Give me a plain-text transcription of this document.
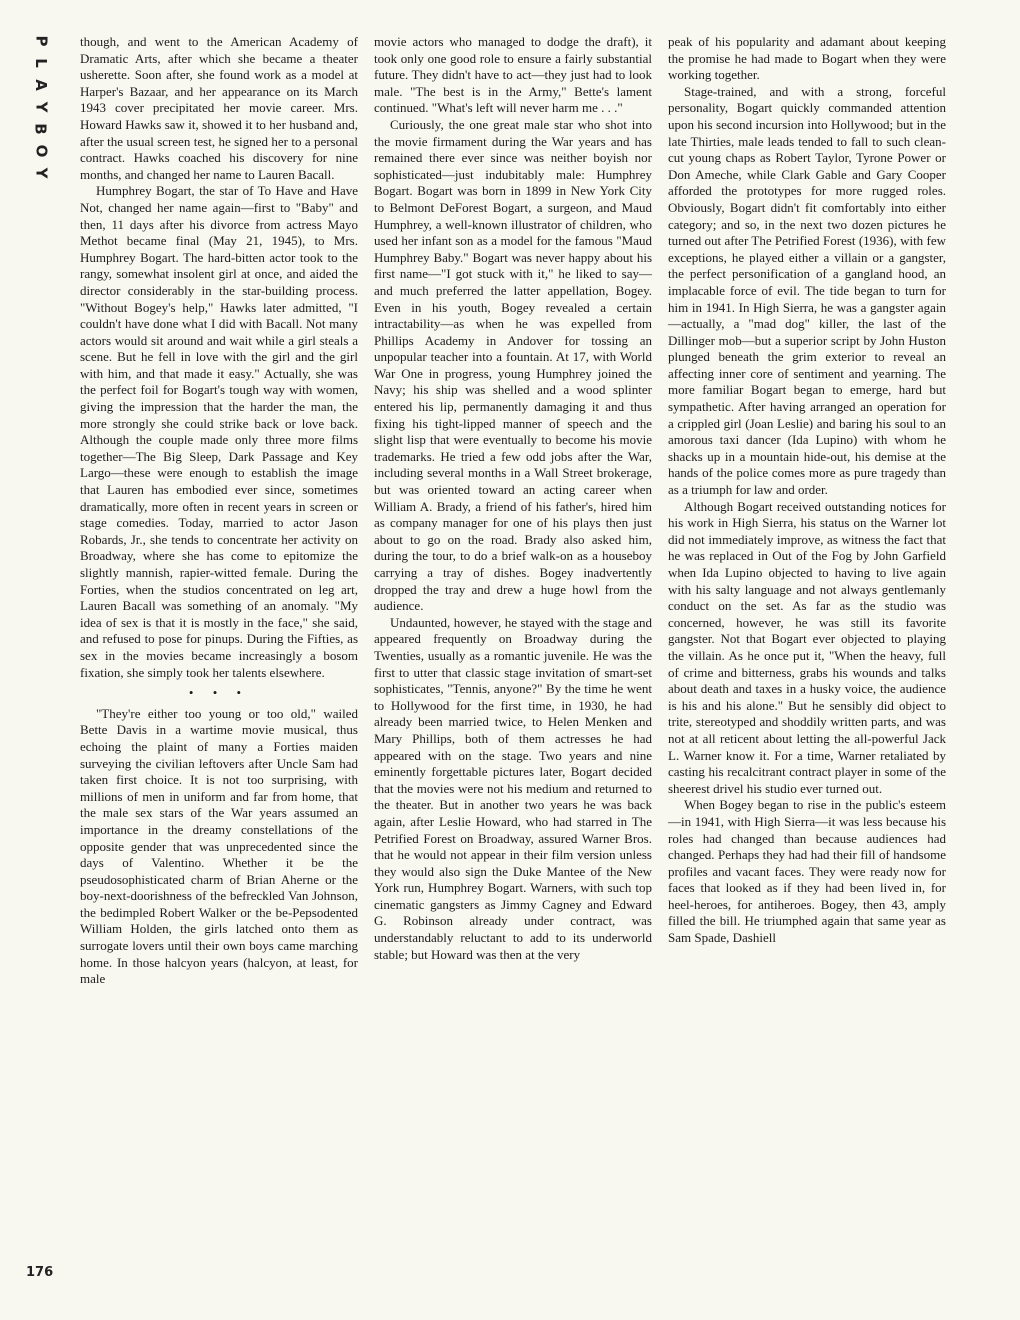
P
L
A
Y
B
O
Y
176

though, and went to the American Academy of Dramatic Arts, after which she became a theater usherette. Soon after, she found work as a model at Harper's Bazaar, and her appearance on its March 1943 cover precipitated her movie career. Mrs. Howard Hawks saw it, showed it to her husband and, after the usual screen test, he signed her to a personal contract. Hawks coached his discovery for nine months, and changed her name to Lauren Bacall.

Humphrey Bogart, the star of To Have and Have Not, changed her name again—first to "Baby" and then, 11 days after his divorce from actress Mayo Methot became final (May 21, 1945), to Mrs. Humphrey Bogart. The hard-bitten actor took to the rangy, somewhat insolent girl at once, and aided the director considerably in the star-building process. "Without Bogey's help," Hawks later admitted, "I couldn't have done what I did with Bacall. Not many actors would sit around and wait while a girl steals a scene. But he fell in love with the girl and the girl with him, and that made it easy." Actually, she was the perfect foil for Bogart's tough way with women, giving the impression that the harder the man, the more strongly she could strike back or love back. Although the couple made only three more films together—The Big Sleep, Dark Passage and Key Largo—these were enough to establish the image that Lauren has embodied ever since, sometimes dramatically, more often in recent years in screen or stage comedies. Today, married to actor Jason Robards, Jr., she tends to concentrate her activity on Broadway, where she has come to epitomize the slightly mannish, rapier-witted female. During the Forties, when the studios concentrated on leg art, Lauren Bacall was something of an anomaly. "My idea of sex is that it is mostly in the face," she said, and refused to pose for pinups. During the Fifties, as sex in the movies became increasingly a bosom fixation, she simply took her talents elsewhere.

• • •

"They're either too young or too old," wailed Bette Davis in a wartime movie musical, thus echoing the plaint of many a Forties maiden surveying the civilian leftovers after Uncle Sam had taken first choice. It is not too surprising, with millions of men in uniform and far from home, that the male sex stars of the War years assumed an importance in the dreamy constellations of the opposite gender that was unprecedented since the days of Valentino. Whether it be the pseudosophisticated charm of Brian Aherne or the boy-next-doorishness of the befreckled Van Johnson, the bedimpled Robert Walker or the be-Pepsodented William Holden, the girls latched onto them as surrogate lovers until their own boys came marching home. In those halcyon years (halcyon, at least, for male

movie actors who managed to dodge the draft), it took only one good role to ensure a fairly substantial future. They didn't have to act—they just had to look male. "The best is in the Army," Bette's lament continued. "What's left will never harm me . . ."

Curiously, the one great male star who shot into the movie firmament during the War years and has remained there ever since was neither boyish nor sophisticated—just indubitably male: Humphrey Bogart. Bogart was born in 1899 in New York City to Belmont DeForest Bogart, a surgeon, and Maud Humphrey, a well-known illustrator of children, who used her infant son as a model for the famous "Maud Humphrey Baby." Bogart was never happy about his first name—"I got stuck with it," he liked to say—and much preferred the latter appellation, Bogey. Even in his youth, Bogey revealed a certain intractability—as when he was expelled from Phillips Academy in Andover for tossing an unpopular teacher into a fountain. At 17, with World War One in progress, young Humphrey joined the Navy; his ship was shelled and a wood splinter entered his lip, permanently damaging it and thus fixing his tight-lipped manner of speech and the slight lisp that were eventually to become his movie trademarks. He tried a few odd jobs after the War, including several months in a Wall Street brokerage, but was oriented toward an acting career when William A. Brady, a friend of his father's, hired him as company manager for one of his plays then just about to go on the road. Brady also asked him, during the tour, to do a brief walk-on as a houseboy carrying a tray of dishes. Bogey inadvertently dropped the tray and drew a huge howl from the audience.

Undaunted, however, he stayed with the stage and appeared frequently on Broadway during the Twenties, usually as a romantic juvenile. He was the first to utter that classic stage invitation of smart-set sophisticates, "Tennis, anyone?" By the time he went to Hollywood for the first time, in 1930, he had already been married twice, to Helen Menken and Mary Phillips, both of them actresses he had appeared with on the stage. Two years and nine eminently forgettable pictures later, Bogart decided that the movies were not his medium and returned to the theater. But in another two years he was back again, after Leslie Howard, who had starred in The Petrified Forest on Broadway, assured Warner Bros. that he would not appear in their film version unless they would also sign the Duke Mantee of the New York run, Humphrey Bogart. Warners, with such top cinematic gangsters as Jimmy Cagney and Edward G. Robinson already under contract, was understandably reluctant to add to its underworld stable; but Howard was then at the very

peak of his popularity and adamant about keeping the promise he had made to Bogart when they were working together.

Stage-trained, and with a strong, forceful personality, Bogart quickly commanded attention upon his second incursion into Hollywood; but in the late Thirties, male leads tended to fall to such clean-cut young chaps as Robert Taylor, Tyrone Power or Don Ameche, while Clark Gable and Gary Cooper afforded the prototypes for more rugged roles. Obviously, Bogart didn't fit comfortably into either category; and so, in the next two dozen pictures he turned out after The Petrified Forest (1936), with few exceptions, he played either a villain or a gangster, the perfect personification of a gangland hood, an implacable force of evil. The tide began to turn for him in 1941. In High Sierra, he was a gangster again—actually, a "mad dog" killer, the last of the Dillinger mob—but a superior script by John Huston plunged beneath the grim exterior to reveal an affecting inner core of sentiment and yearning. The more familiar Bogart began to emerge, hard but sympathetic. After having arranged an operation for a crippled girl (Joan Leslie) and baring his soul to an amorous taxi dancer (Ida Lupino) with whom he shacks up in a mountain hide-out, his demise at the hands of the police comes more as pure tragedy than as a triumph for law and order.

Although Bogart received outstanding notices for his work in High Sierra, his status on the Warner lot did not immediately improve, as witness the fact that he was replaced in Out of the Fog by John Garfield when Ida Lupino objected to having to live again with his salty language and not always gentlemanly conduct on the set. As far as the studio was concerned, however, he was still its favorite gangster. Not that Bogart ever objected to playing the villain. As he once put it, "When the heavy, full of crime and bitterness, grabs his wounds and talks about death and taxes in a husky voice, the audience is his and his alone." But he sensibly did object to trite, stereotyped and shoddily written parts, and was not at all reticent about letting the all-powerful Jack L. Warner know it. For a time, Warner retaliated by casting his recalcitrant contract player in some of the sheerest drivel his studio ever turned out.

When Bogey began to rise in the public's esteem—in 1941, with High Sierra—it was less because his roles had changed than because audiences had changed. Perhaps they had had their fill of handsome profiles and vacant faces. They were ready now for faces that looked as if they had been lived in, for heel-heroes, for antiheroes. Bogey, then 43, amply filled the bill. He triumphed again that same year as Sam Spade, Dashiell
